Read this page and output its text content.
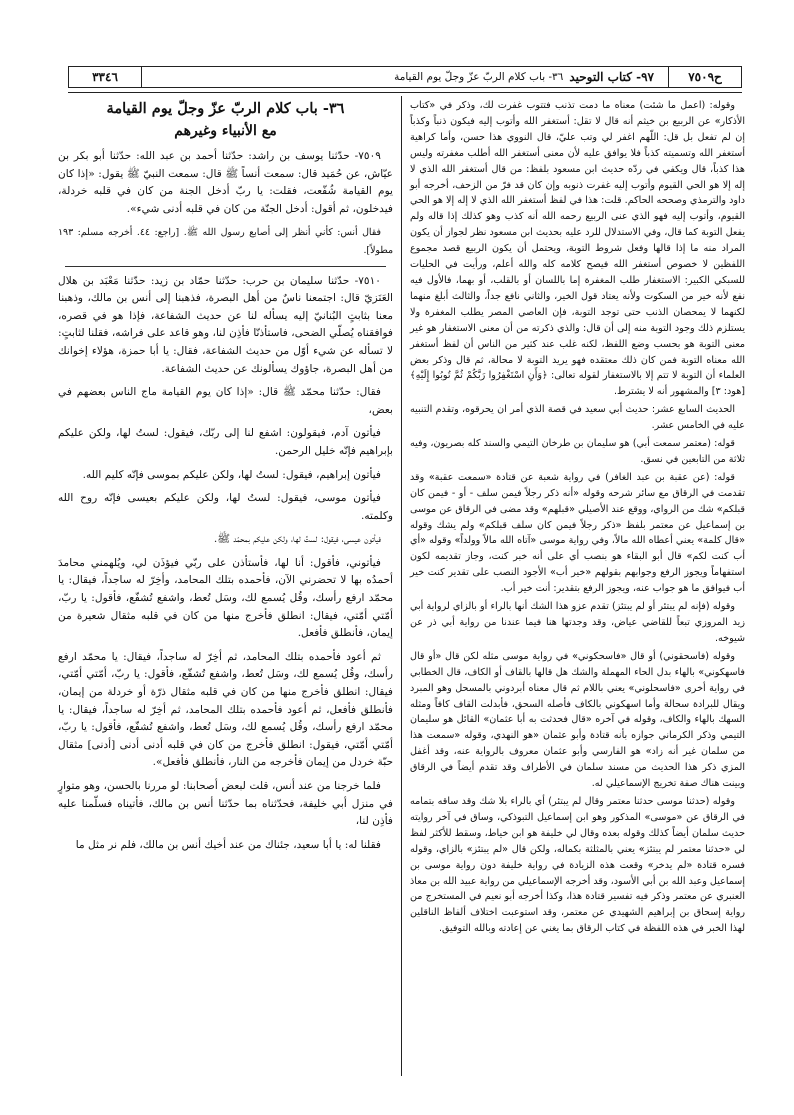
ح٧٥٠٩
٩٧- كتاب التوحيد
٣٦- باب كلام الربّ عزّ وجلّ يوم القيامة
٣٣٤٦

وقوله: (اعمل ما شئت) معناه ما دمت تذنب فتتوب غفرت لك، وذكر في «كتاب الأذكار» عن الربيع بن خيثم أنه قال لا تقل: أستغفر الله وأتوب إليه فيكون ذنباً وكذباً إن لم تفعل بل قل: اللّهم اغفر لي وتب عليّ، قال النووي هذا حسن، وأما كراهية أستغفر الله وتسميته كذباً فلا يوافق عليه لأن معنى أستغفر الله أطلب مغفرته وليس هذا كذباً، قال ويكفي في ردّه حديث ابن مسعود بلفظ: من قال أستغفر الله الذي لا إله إلا هو الحي القيوم وأتوب إليه غفرت ذنوبه وإن كان قد فرّ من الزحف، أخرجه أبو داود والترمذي وصححه الحاكم. قلت: هذا في لفظ أستغفر الله الذي لا إله إلا هو الحي القيوم، وأتوب إليه فهو الذي عنى الربيع رحمه الله أنه كذب وهو كذلك إذا قاله ولم يفعل التوبة كما قال، وفي الاستدلال للرد عليه بحديث ابن مسعود نظر لجواز أن يكون المراد منه ما إذا قالها وفعل شروط التوبة، ويحتمل أن يكون الربيع قصد مجموع اللفظين لا خصوص أستغفر الله فيصح كلامه كله والله أعلم، ورأيت في الحليات للسبكي الكبير: الاستغفار طلب المغفرة إما باللسان أو بالقلب، أو بهما، فالأول فيه نفع لأنه خير من السكوت ولأنه يعتاد قول الخير، والثاني نافع جداً، والثالث أبلغ منهما لكنهما لا يمحصان الذنب حتى توجد التوبة، فإن العاصي المصر يطلب المغفرة ولا يستلزم ذلك وجود التوبة منه إلى أن قال: والذي ذكرته من أن معنى الاستغفار هو غير معنى التوبة هو بحسب وضع اللفظ، لكنه غلب عند كثير من الناس أن لفظ أستغفر الله معناه التوبة فمن كان ذلك معتقده فهو يريد التوبة لا محالة، ثم قال وذكر بعض العلماء أن التوبة لا تتم إلا بالاستغفار لقوله تعالى: ﴿وَأَنِ اسْتَغْفِرُوا رَبَّكُمْ ثُمَّ تُوبُوا إِلَيْهِ﴾ [هود: ٣] والمشهور أنه لا يشترط.

الحديث السابع عشر: حديث أبي سعيد في قصة الذي أمر ان يحرقوه، وتقدم التنبيه عليه في الخامس عشر.

قوله: (معتمر سمعت أبي) هو سليمان بن طرخان التيمي والسند كله بصريون، وفيه ثلاثة من التابعين في نسق.

قوله: (عن عقبة بن عبد الغافر) في رواية شعبة عن قتادة «سمعت عقبة» وقد تقدمت في الرقاق مع سائر شرحه وقوله «أنه ذكر رجلاً فيمن سلف - أو - فيمن كان قبلكم» شك من الرواي، ووقع عند الأصيلي «قبلهم» وقد مضى في الرقاق عن موسى بن إسماعيل عن معتمر بلفظ «ذكر رجلاً فيمن كان سلف قبلكم» ولم يشك وقوله «قال كلمة» يعني أعطاه الله مالاً، وفي رواية موسى «آتاه الله مالاً وولداً» وقوله «أي أب كنت لكم» قال أبو البقاء هو بنصب أي على أنه خبر كنت، وجاز تقديمه لكون استفهاماً ويجوز الرفع وجوابهم بقولهم «خير أب» الأجود النصب على تقدير كنت خير أب فيوافق ما هو جواب عنه، ويجوز الرفع بتقدير: أنت خير أب.

وقوله (فإنه لم يبتئر أو لم يبتئز) تقدم عزو هذا الشك أنها بالراء أو بالزاي لرواية أبي زيد المروزي تبعاً للقاضي عياض، وقد وجدتها هنا فيما عندنا من رواية أبي ذر عن شيوخه.

وقوله (فاسحقوني) أو قال «فاسحكوني» في رواية موسى مثله لكن قال «أو قال فاسهكوني» بالهاء بدل الحاء المهملة والشك هل قالها بالقاف أو الكاف، قال الخطابي في رواية أخرى «فاسحلوني» يعني باللام ثم قال معناه أبردوني بالمسحل وهو المبرد ويقال للبرادة سحالة وأما اسهكوني بالكاف فأصله السحق، فأبدلت القاف كافاً ومثله السهك بالهاء والكاف، وقوله في آخره «قال فحدثت به أبا عثمان» القائل هو سليمان التيمي وذكر الكرماني جوازه بأنه قتادة وأبو عثمان «هو النهدي، وقوله «سمعت هذا من سلمان غير أنه زاد» هو الفارسي وأبو عثمان معروف بالرواية عنه، وقد أغفل المزي ذكر هذا الحديث من مسند سلمان في الأطراف وقد تقدم أيضاً في الرقاق وبينت هناك صفة تخريج الإسماعيلي له.

وقوله (حدثنا موسى حدثنا معتمر وقال لم يبتئر) أي بالراء بلا شك وقد ساقه بتمامه في الرقاق عن «موسى» المذكور وهو ابن إسماعيل التبوذكي، وساق في آخر روايته حديث سلمان أيضاً كذلك وقوله بعده وقال لي خليفة هو ابن خياط، وسقط للأكثر لفظ لي «حدثنا معتمر لم يبتئز» يعني بالمثلثة بكماله، ولكن قال «لم يبتئز» بالزاي، وقوله فسره قتادة «لم يدخر» وقعت هذه الزيادة في رواية خليفة دون رواية موسى بن إسماعيل وعبد الله بن أبي الأسود، وقد أخرجه الإسماعيلي من رواية عبيد الله بن معاذ العنبري عن معتمر وذكر فيه تفسير قتادة هذا، وكذا أخرجه أبو نعيم في المستخرج من رواية إسحاق بن إبراهيم الشهيدي عن معتمر، وقد استوعبت اختلاف ألفاظ الناقلين لهذا الخبر في هذه اللفظة في كتاب الرقاق بما يغني عن إعادته وبالله التوفيق.

٣٦- باب كلام الربّ عزّ وجلّ يوم القيامة
مع الأنبياء وغيرهم

٧٥٠٩- حدّثنا يوسف بن راشد: حدّثنا أحمد بن عبد الله: حدّثنا أبو بكر بن عيّاش، عن حُمَيد قال: سمعت أنساً ﷺ قال: سمعت النبيّ ﷺ يقول: «إذا كان يوم القيامة شُفّعت، فقلت: يا ربّ أدخل الجنة من كان في قلبه خردلة، فيدخلون، ثم أقول: أدخل الجنّة من كان في قلبه أدنى شيء».

فقال أنس: كأني أنظر إلى أصابع رسول الله ﷺ. [راجع: ٤٤. أخرجه مسلم: ١٩٣ مطولاً].

٧٥١٠- حدّثنا سليمان بن حرب: حدّثنا حمّاد بن زيد: حدّثنا مَعْبَد بن هلال العَنَزيّ قال: اجتمعنا ناسٌ من أهل البصرة، فذهبنا إلى أنس بن مالك، وذهبنا معنا بثابتٍ البُنانيّ إليه يسأله لنا عن حديث الشفاعة، فإذا هو في قصره، فوافقناه يُصلّي الضحى، فاستأذنّا فأذِن لنا، وهو قاعد على فراشه، فقلنا لثابتٍ: لا تسأله عن شيء أوّل من حديث الشفاعة، فقال: يا أبا حمزة، هؤلاء إخوانك من أهل البصرة، جاؤوك يسألونك عن حديث الشفاعة.

فقال: حدّثنا محمّد ﷺ قال: «إذا كان يوم القيامة ماج الناس بعضهم في بعض،

فيأتون آدم، فيقولون: اشفع لنا إلى ربّك، فيقول: لستُ لها، ولكن عليكم بإبراهيم فإنّه خليل الرحمن.

فيأتون إبراهيم، فيقول: لستُ لها، ولكن عليكم بموسى فإنّه كليم الله.

فيأتون موسى، فيقول: لستُ لها، ولكن عليكم بعيسى فإنّه روح الله وكلمته.

فيأتون عيسى، فيقول: لستُ لها، ولكن عليكم بمحمّد ﷺ.

فيأتوني، فأقول: أنا لها، فأستأذن على ربّي فيؤذَن لي، ويُلهمني محامدَ أحمدُه بها لا تحضرني الآن، فأحمده بتلك المحامد، وأخِرّ له ساجداً، فيقال: يا محمّد ارفع رأسك، وقُل يُسمع لك، وسَل تُعط، واشفع تُشفّع، فأقول: يا ربّ، أمّتي أمّتي، فيقال: انطلق فأخرج منها من كان في قلبه مثقال شعيرة من إيمان، فأنطلق فأفعل.

ثم أعود فأحمده بتلك المحامد، ثم أخِرّ له ساجداً، فيقال: يا محمّد ارفع رأسك، وقُل يُسمع لك، وسَل تُعط، واشفع تُشفّع، فأقول: يا ربّ، أمّتي أمّتي، فيقال: انطلق فأخرج منها من كان في قلبه مثقال ذرّة أو خردلة من إيمان، فأنطلق فأفعل، ثم أعود فأحمده بتلك المحامد، ثم أخِرّ له ساجداً، فيقال: يا محمّد ارفع رأسك، وقُل يُسمع لك، وسَل تُعط، واشفع تُشفّع، فأقول: يا ربّ، أمّتي أمّتي، فيقول: انطلق فأخرج من كان في قلبه أدنى أدنى [أدنى] مثقال حبّة خردل من إيمان فأخرجه من النار، فأنطلق فأفعل».

فلما خرجنا من عند أنس، قلت لبعض أصحابنا: لو مررنا بالحسن، وهو متوارٍ في منزل أبي خليفة، فحدّثناه بما حدّثنا أنس بن مالك، فأتيناه فسلّمنا عليه فأذِن لنا،

فقلنا له: يا أبا سعيد، جئناك من عند أخيك أنس بن مالك، فلم نر مثل ما
